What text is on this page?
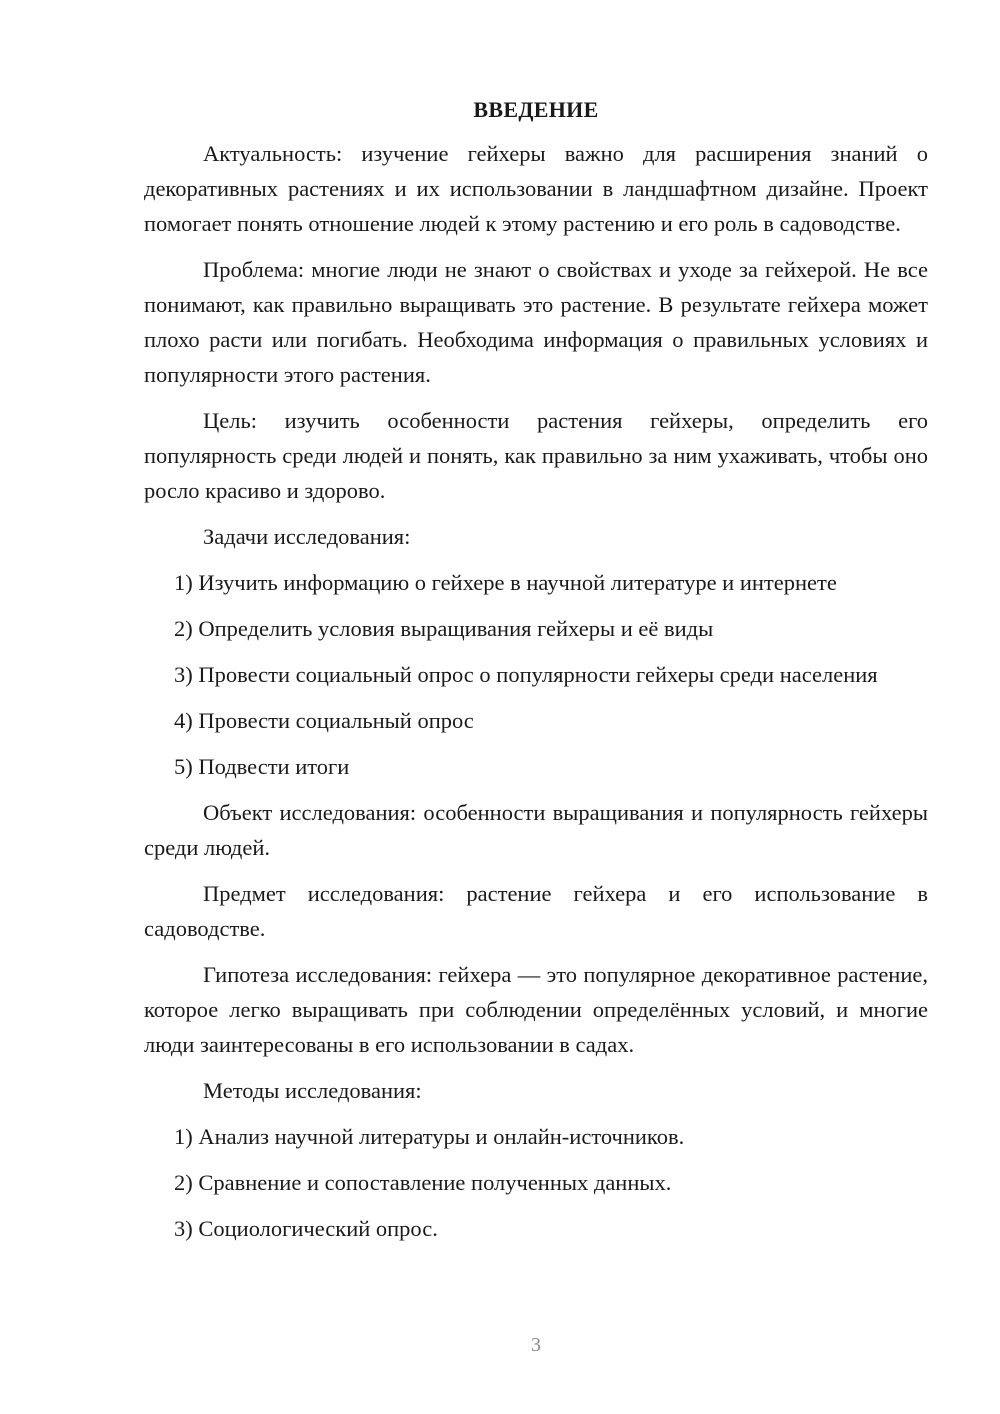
ВВЕДЕНИЕ
Актуальность: изучение гейхеры важно для расширения знаний о декоративных растениях и их использовании в ландшафтном дизайне. Проект помогает понять отношение людей к этому растению и его роль в садоводстве.
Проблема: многие люди не знают о свойствах и уходе за гейхерой. Не все понимают, как правильно выращивать это растение. В результате гейхера может плохо расти или погибать. Необходима информация о правильных условиях и популярности этого растения.
Цель: изучить особенности растения гейхеры, определить его популярность среди людей и понять, как правильно за ним ухаживать, чтобы оно росло красиво и здорово.
Задачи исследования:
1) Изучить информацию о гейхере в научной литературе и интернете
2) Определить условия выращивания гейхеры и её виды
3) Провести социальный опрос о популярности гейхеры среди населения
4) Провести социальный опрос
5) Подвести итоги
Объект исследования: особенности выращивания и популярность гейхеры среди людей.
Предмет исследования: растение гейхера и его использование в садоводстве.
Гипотеза исследования: гейхера — это популярное декоративное растение, которое легко выращивать при соблюдении определённых условий, и многие люди заинтересованы в его использовании в садах.
Методы исследования:
1) Анализ научной литературы и онлайн-источников.
2) Сравнение и сопоставление полученных данных.
3) Социологический опрос.
3
